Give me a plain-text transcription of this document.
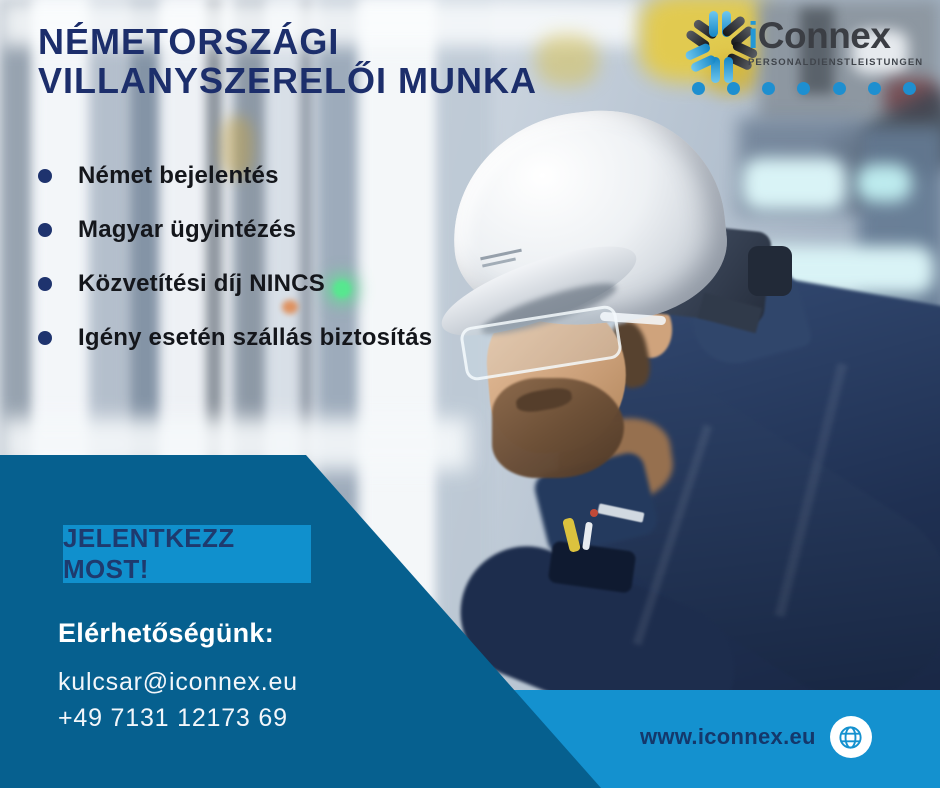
NÉMETORSZÁGI
VILLANYSZERELŐI MUNKA
iConnex
PERSONALDIENSTLEISTUNGEN
Német bejelentés
Magyar ügyintézés
Közvetítési díj NINCS
Igény esetén szállás biztosítás
JELENTKEZZ MOST!
Elérhetőségünk:
kulcsar@iconnex.eu
+49 7131 12173 69
www.iconnex.eu
